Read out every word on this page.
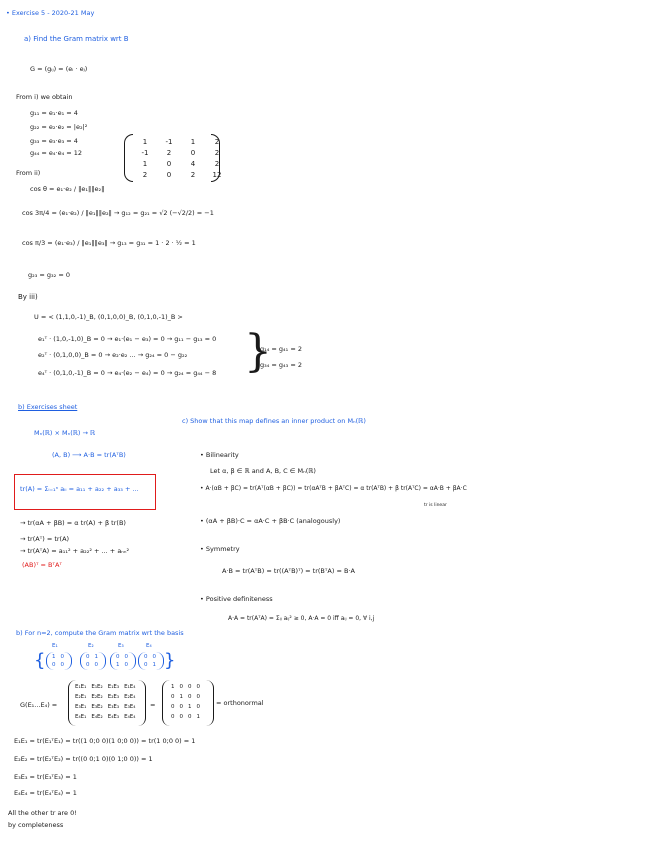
• Exercise 5 - 2020-21 May
a) Find the Gram matrix wrt B
G = (gᵢⱼ) = (eᵢ · eⱼ)
From i) we obtain
g₁₁ = e₁·e₁ = 4
g₂₂ = e₂·e₂ = |e₂|²
g₃₃ = e₃·e₃ = 4
g₄₄ = e₄·e₄ = 12
1	-1	1	2
-1	2	0	2
1	0	4	2
2	0	2	12
From ii)
cos θ = e₁·e₂ / ‖e₁‖‖e₂‖
cos 3π/4 = (e₁·e₂) / ‖e₁‖‖e₂‖ → g₁₂ = g₂₁ = √2 (−√2/2) = −1
cos π/3 = (e₁·e₃) / ‖e₁‖‖e₃‖ → g₁₃ = g₃₁ = 1 · 2 · ½ = 1
g₂₃ = g₃₂ = 0
By iii)
U = < (1,1,0,-1)_B, (0,1,0,0)_B, (0,1,0,-1)_B >
e₁ᵀ · (1,0,-1,0)_B = 0 → e₁·(e₁ − e₃) = 0 → g₁₁ − g₁₃ = 0
e₂ᵀ · (0,1,0,0)_B = 0 → e₂·e₂ ... → g₂₄ = 0 − g₂₂
e₄ᵀ · (0,1,0,-1)_B = 0 → e₄·(e₂ − e₄) = 0 → g₂₄ = g₄₄ − 8 }
g₁₄ = g₄₁ = 2
g₃₄ = g₄₃ = 2
b) Exercises sheet
Mₙ(ℝ) × Mₙ(ℝ) → ℝ
(A, B) ⟶ A·B = tr(AᵀB)
tr(A) = Σᵢ₌₁ⁿ aᵢᵢ = a₁₁ + a₂₂ + a₃₃ + ...
→ tr(αA + βB) = α tr(A) + β tr(B)
→ tr(Aᵀ) = tr(A)
→ tr(AᵀA) = a₁₁² + a₂₂² + ... + aₙₙ²
(AB)ᵀ = BᵀAᵀ
c) Show that this map defines an inner product on Mₙ(ℝ)
• Bilinearity
Let α, β ∈ ℝ and A, B, C ∈ Mₙ(ℝ)
• A·(αB + βC) = tr(Aᵀ(αB + βC)) = tr(αAᵀB + βAᵀC) = α tr(AᵀB) + β tr(AᵀC) = αA·B + βA·C
tr is linear
• (αA + βB)·C = αA·C + βB·C (analogously)
• Symmetry
A·B = tr(AᵀB) = tr((AᵀB)ᵀ) = tr(BᵀA) = B·A
• Positive definiteness
A·A = tr(AᵀA) = Σᵢⱼ aᵢⱼ² ≥ 0, A·A = 0 iff aᵢⱼ = 0, ∀ i,j
b) For n=2, compute the Gram matrix wrt the basis
{
E₁	E₂	E₃	E₄
1 0
0 0
0 1
0 0
0 0
1 0
0 0
0 1 }
G(E₁...E₄) =
E₁E₁ E₁E₂ E₁E₃ E₁E₄
E₂E₁ E₂E₂ E₂E₃ E₂E₄
E₃E₁ E₃E₂ E₃E₃ E₃E₄
E₄E₁ E₄E₂ E₄E₃ E₄E₄
=
1 0 0 0
0 1 0 0
0 0 1 0
0 0 0 1
= orthonormal
E₁E₁ = tr(E₁ᵀE₁) = tr((1 0;0 0)(1 0;0 0)) = tr(1 0;0 0) = 1
E₂E₂ = tr(E₂ᵀE₂) = tr((0 0;1 0)(0 1;0 0)) = 1
E₃E₃ = tr(E₃ᵀE₃) = 1
E₄E₄ = tr(E₄ᵀE₄) = 1
All the other tr are 0!
by completeness
